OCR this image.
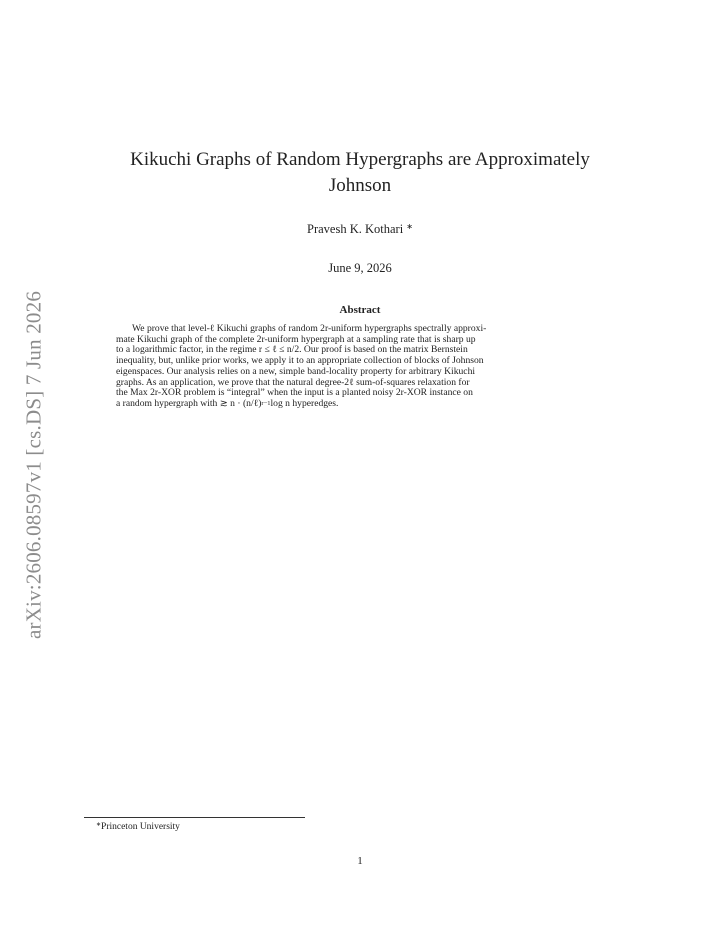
arXiv:2606.08597v1 [cs.DS] 7 Jun 2026
Kikuchi Graphs of Random Hypergraphs are Approximately
Johnson
Pravesh K. Kothari ∗
June 9, 2026
Abstract
We prove that level-ℓ Kikuchi graphs of random 2r-uniform hypergraphs spectrally approxi-
mate Kikuchi graph of the complete 2r-uniform hypergraph at a sampling rate that is sharp up
to a logarithmic factor, in the regime r ≤ ℓ ≤ n/2. Our proof is based on the matrix Bernstein
inequality, but, unlike prior works, we apply it to an appropriate collection of blocks of Johnson
eigenspaces. Our analysis relies on a new, simple band-locality property for arbitrary Kikuchi
graphs. As an application, we prove that the natural degree-2ℓ sum-of-squares relaxation for
the Max 2r-XOR problem is “integral” when the input is a planted noisy 2r-XOR instance on
a random hypergraph with ≳ n · (n/ℓ) r−1 log n hyperedges.
∗Princeton University
1
